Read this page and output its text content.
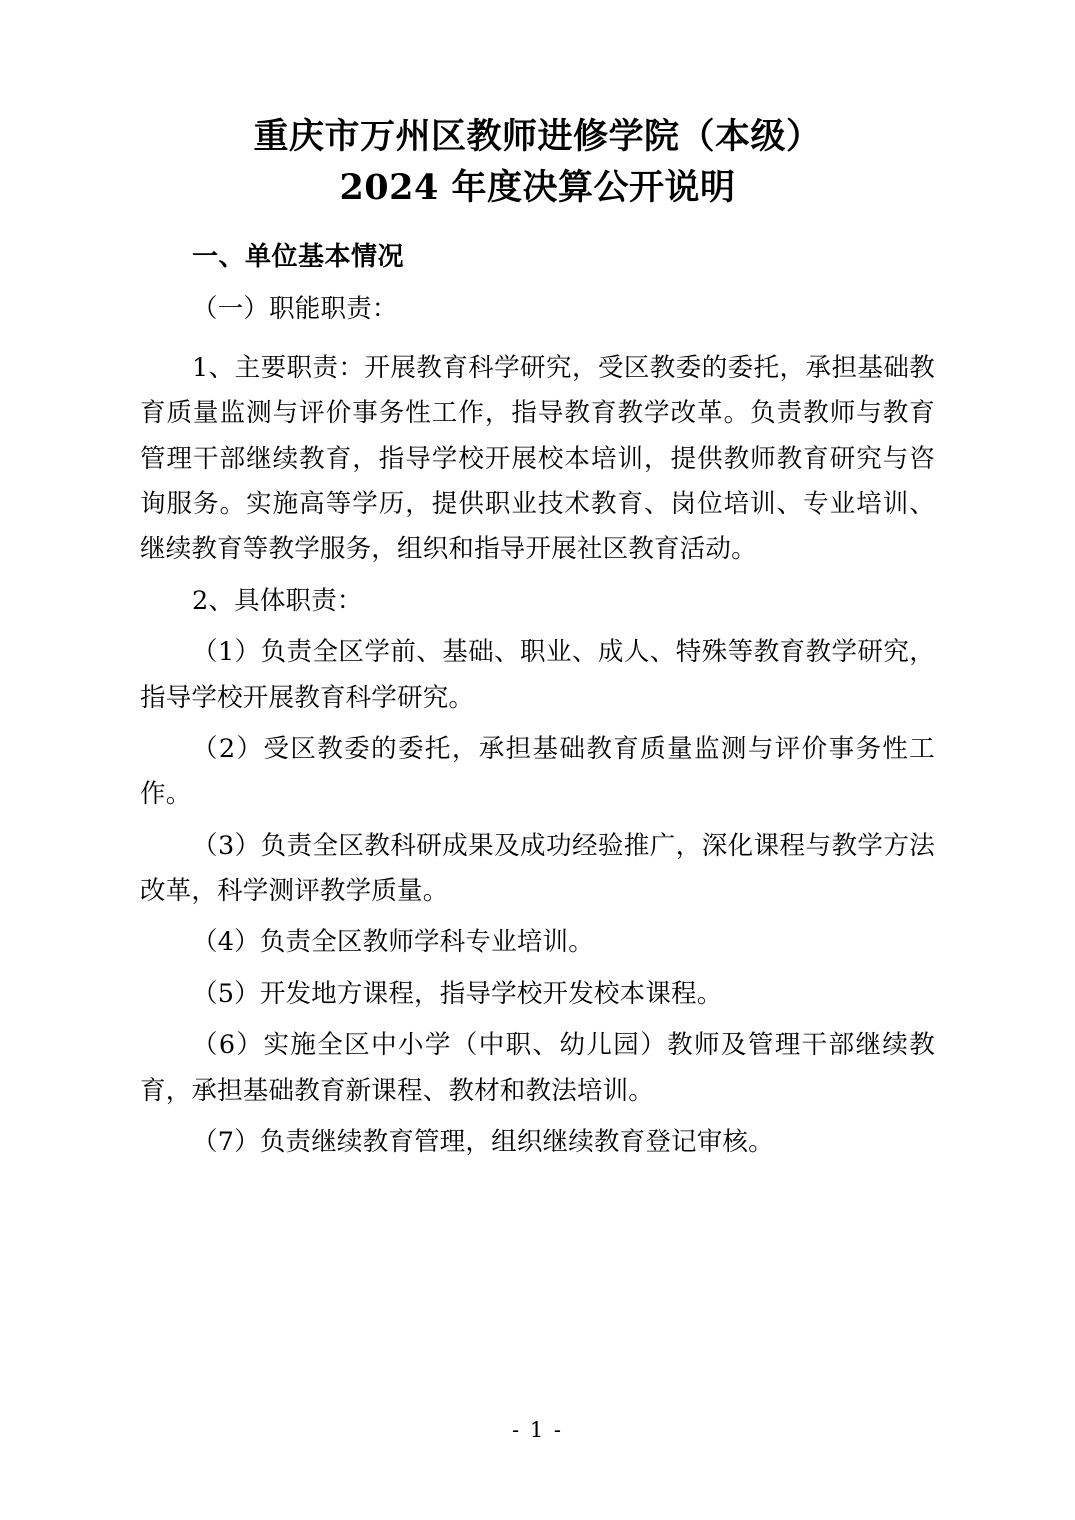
重庆市万州区教师进修学院（本级）
2024 年度决算公开说明
一、单位基本情况

（一）职能职责：

1、主要职责：开展教育科学研究，受区教委的委托，承担基础教育质量监测与评价事务性工作，指导教育教学改革。负责教师与教育管理干部继续教育，指导学校开展校本培训，提供教师教育研究与咨询服务。实施高等学历，提供职业技术教育、岗位培训、专业培训、继续教育等教学服务，组织和指导开展社区教育活动。

2、具体职责：

（1）负责全区学前、基础、职业、成人、特殊等教育教学研究，指导学校开展教育科学研究。

（2）受区教委的委托，承担基础教育质量监测与评价事务性工作。

（3）负责全区教科研成果及成功经验推广，深化课程与教学方法改革，科学测评教学质量。

（4）负责全区教师学科专业培训。

（5）开发地方课程，指导学校开发校本课程。

（6）实施全区中小学（中职、幼儿园）教师及管理干部继续教育，承担基础教育新课程、教材和教法培训。

（7）负责继续教育管理，组织继续教育登记审核。

- 1 -
